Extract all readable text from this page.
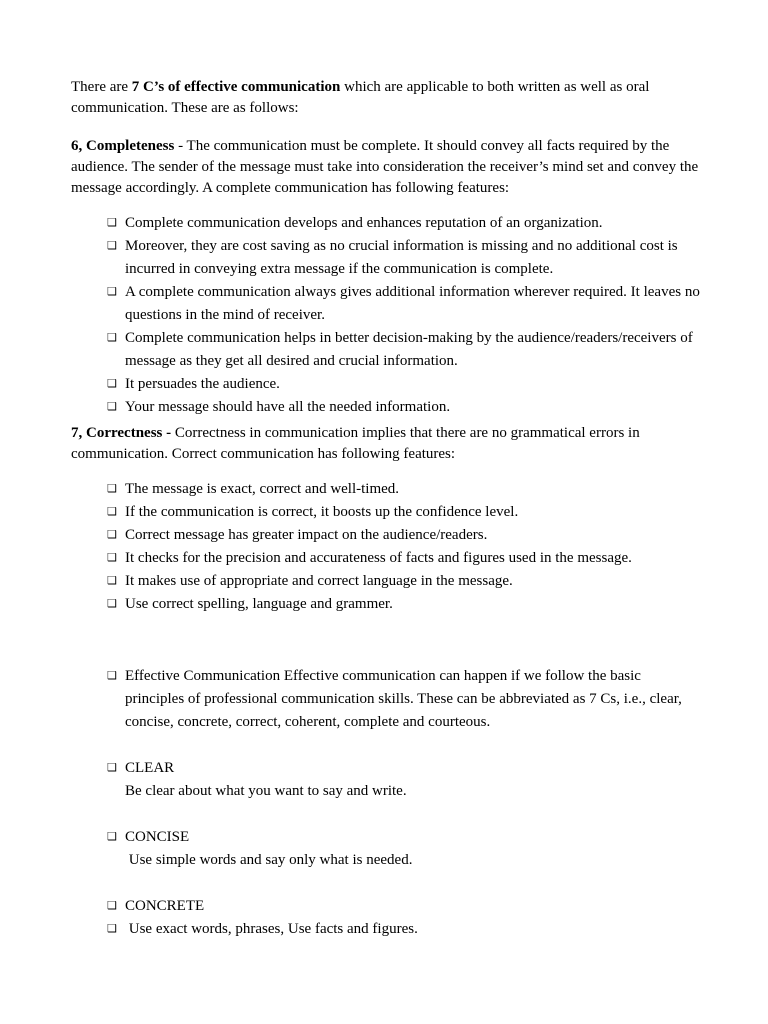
There are 7 C’s of effective communication which are applicable to both written as well as oral communication. These are as follows:

6, Completeness - The communication must be complete. It should convey all facts required by the audience. The sender of the message must take into consideration the receiver’s mind set and convey the message accordingly. A complete communication has following features:

❑ Complete communication develops and enhances reputation of an organization.
❑ Moreover, they are cost saving as no crucial information is missing and no additional cost is incurred in conveying extra message if the communication is complete.
❑ A complete communication always gives additional information wherever required. It leaves no questions in the mind of receiver.
❑ Complete communication helps in better decision-making by the audience/readers/receivers of message as they get all desired and crucial information.
❑ It persuades the audience.
❑ Your message should have all the needed information.

7, Correctness - Correctness in communication implies that there are no grammatical errors in communication. Correct communication has following features:

❑ The message is exact, correct and well-timed.
❑ If the communication is correct, it boosts up the confidence level.
❑ Correct message has greater impact on the audience/readers.
❑ It checks for the precision and accurateness of facts and figures used in the message.
❑ It makes use of appropriate and correct language in the message.
❑ Use correct spelling, language and grammer.
❑ Effective Communication Effective communication can happen if we follow the basic principles of professional communication skills. These can be abbreviated as 7 Cs, i.e., clear, concise, concrete, correct, coherent, complete and courteous.
❑ CLEAR
Be clear about what you want to say and write.
❑ CONCISE
Use simple words and say only what is needed.
❑ CONCRETE
❑ Use exact words, phrases, Use facts and figures.
